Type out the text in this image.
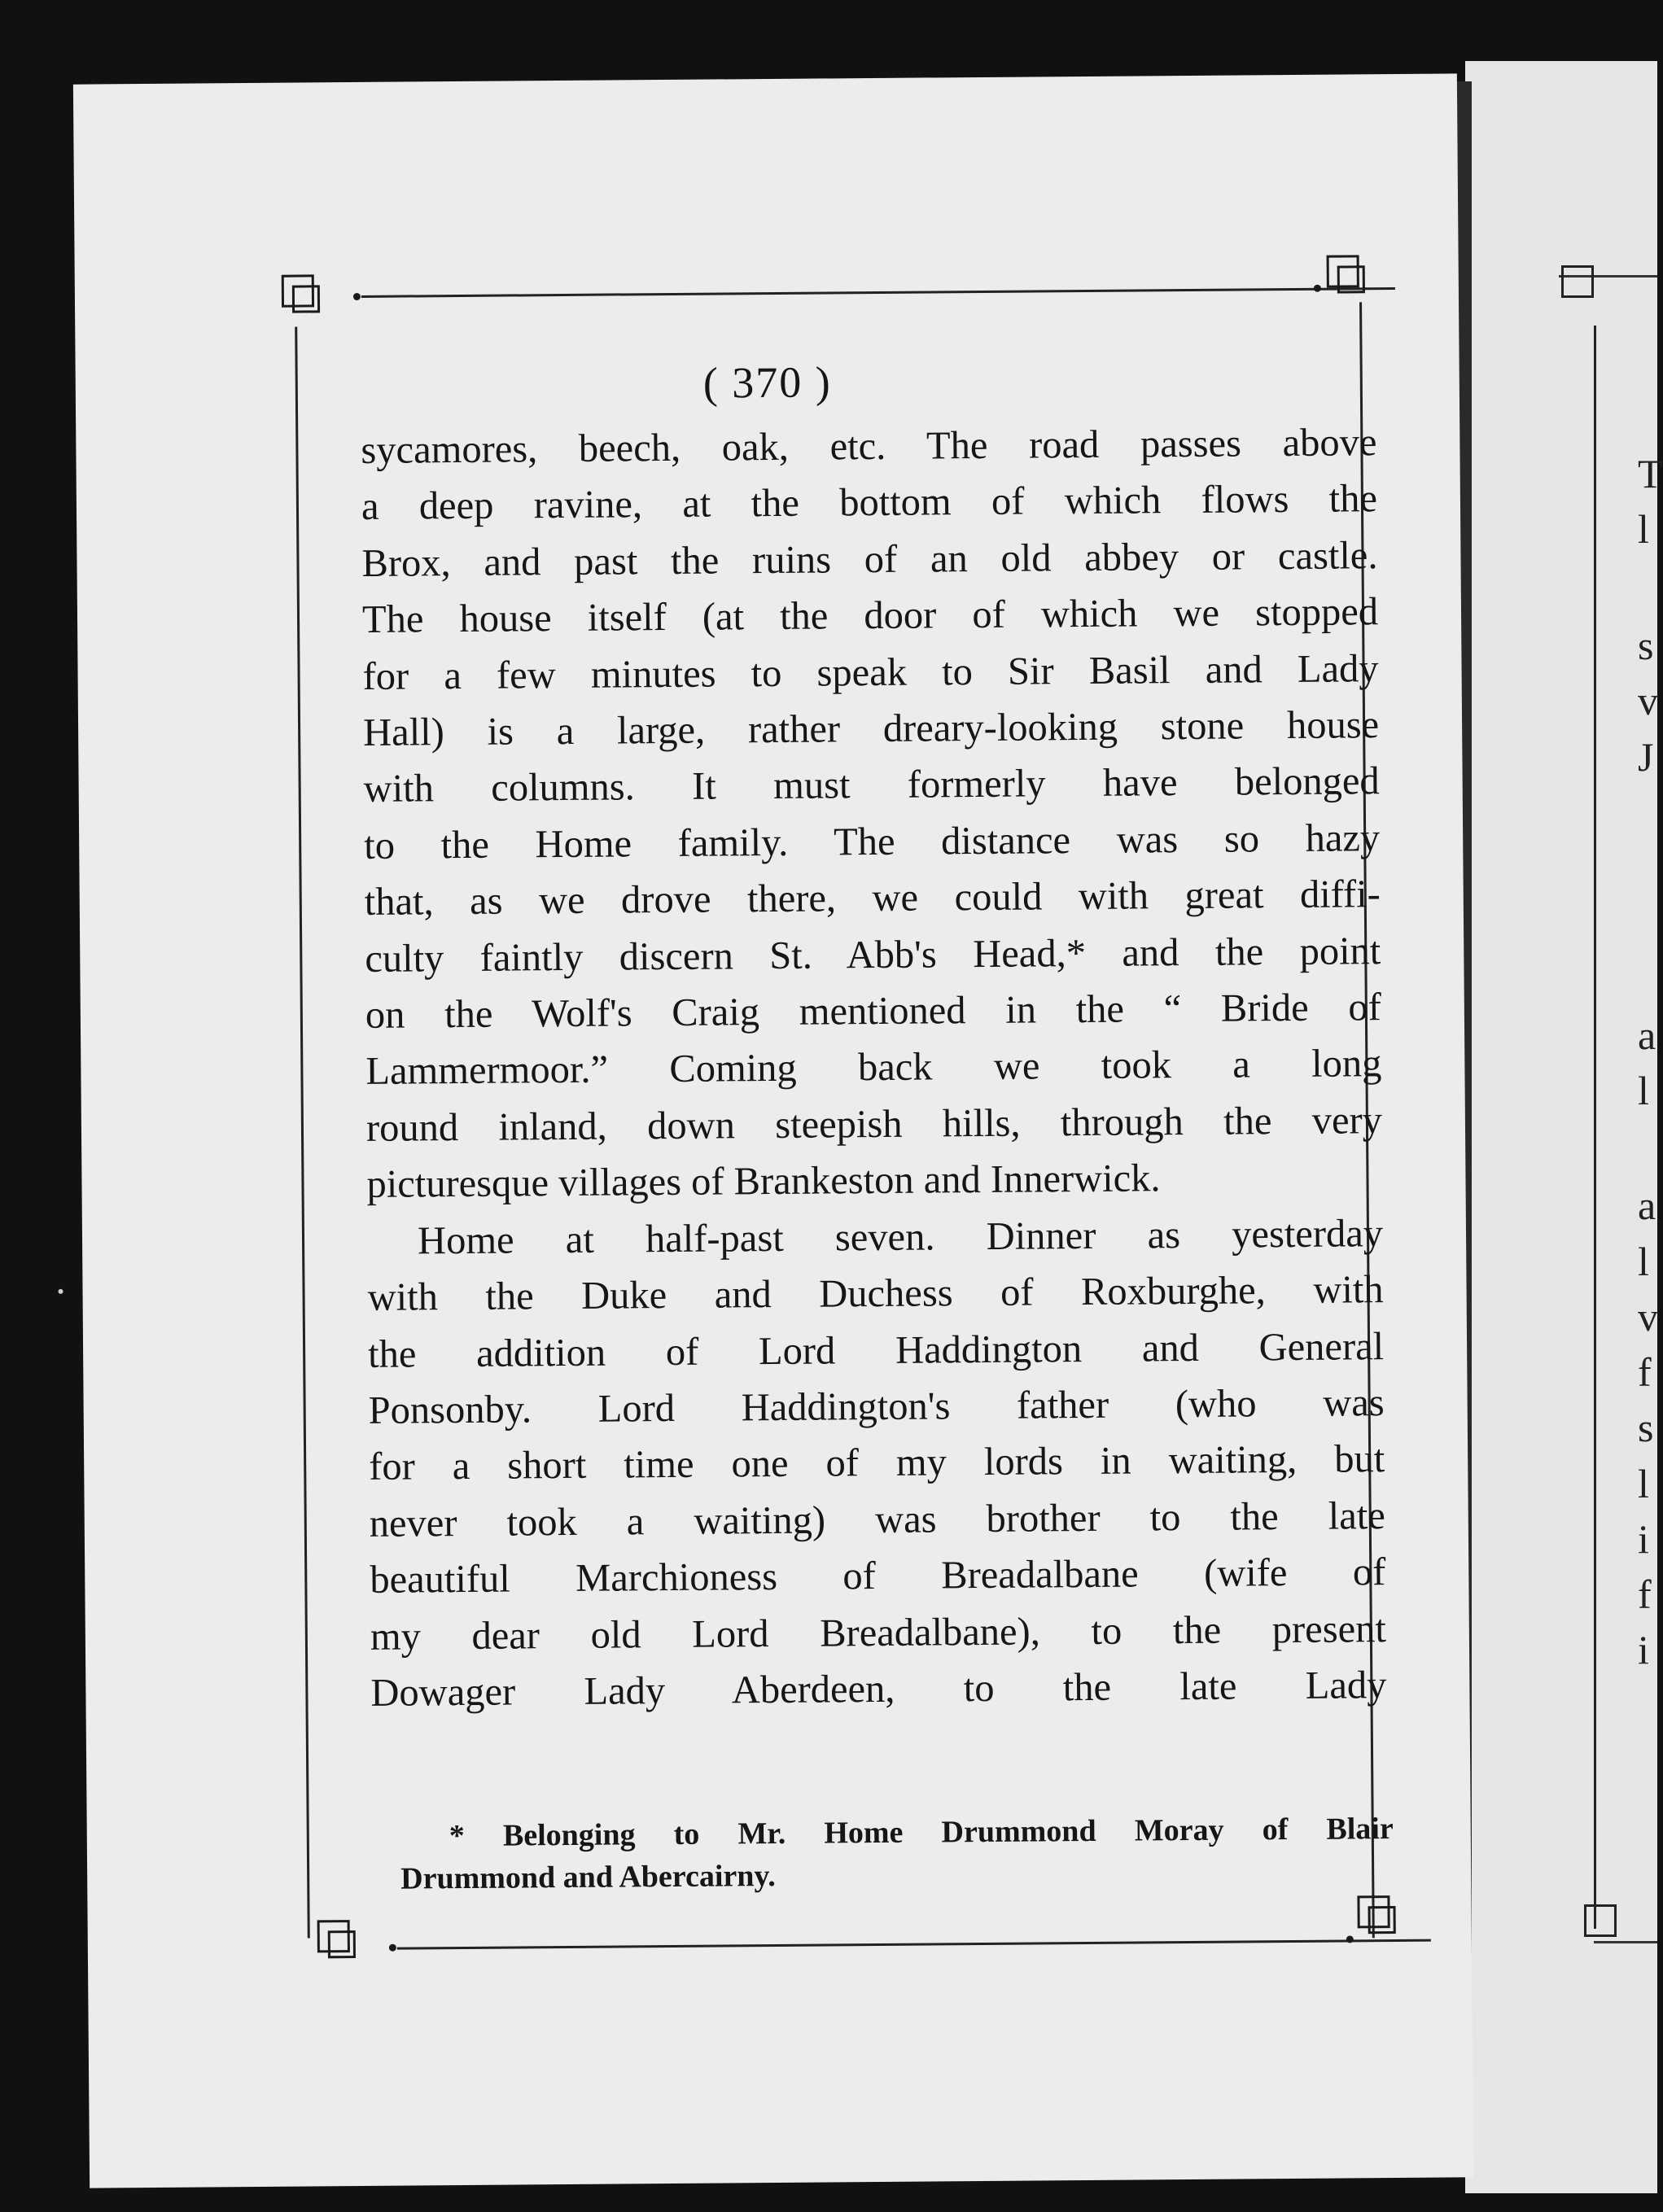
T
l
s
v
J
a
l
a
l
v
f
s
l
i
f
i
( 370 )
sycamores, beech, oak, etc. The road passes above
a deep ravine, at the bottom of which flows the
Brox, and past the ruins of an old abbey or castle.
The house itself (at the door of which we stopped
for a few minutes to speak to Sir Basil and Lady
Hall) is a large, rather dreary-looking stone house
with columns. It must formerly have belonged
to the Home family. The distance was so hazy
that, as we drove there, we could with great diffi-
culty faintly discern St. Abb's Head,* and the point
on the Wolf's Craig mentioned in the “ Bride of
Lammermoor.” Coming back we took a long
round inland, down steepish hills, through the very
picturesque villages of Brankeston and Innerwick.
Home at half-past seven. Dinner as yesterday
with the Duke and Duchess of Roxburghe, with
the addition of Lord Haddington and General
Ponsonby. Lord Haddington's father (who was
for a short time one of my lords in waiting, but
never took a waiting) was brother to the late
beautiful Marchioness of Breadalbane (wife of
my dear old Lord Breadalbane), to the present
Dowager Lady Aberdeen, to the late Lady
* Belonging to Mr. Home Drummond Moray of Blair
Drummond and Abercairny.
